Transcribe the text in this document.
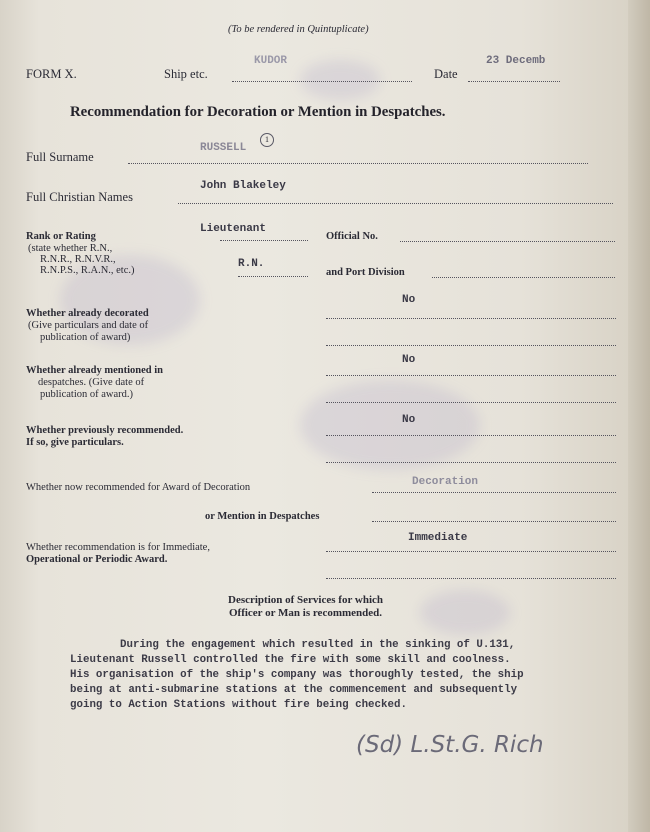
(To be rendered in Quintuplicate)
FORM X.	Ship etc.
KUDOR
Date
23 Decemb
Recommendation for Decoration or Mention in Despatches.
Full Surname
RUSSELL
1
Full Christian Names
John Blakeley
Rank or Rating
(state whether R.N.,
R.N.R., R.N.V.R.,
R.N.P.S., R.A.N., etc.)
Lieutenant
R.N.
Official No.
and Port Division
Whether already decorated
(Give particulars and date of
publication of award)
No
Whether already mentioned in
despatches. (Give date of
publication of award.)
No
Whether previously recommended.
If so, give particulars.
No
Whether now recommended for Award of Decoration	Decoration
or Mention in Despatches
Whether recommendation is for Immediate,
Operational or Periodic Award.
Immediate
Description of Services for which
Officer or Man is recommended.
During the engagement which resulted in the sinking of U.131,
Lieutenant Russell controlled the fire with some skill and coolness.
His organisation of the ship's company was thoroughly tested, the ship
being at anti-submarine stations at the commencement and subsequently
going to Action Stations without fire being checked.
(Sd) L.St.G. Rich
